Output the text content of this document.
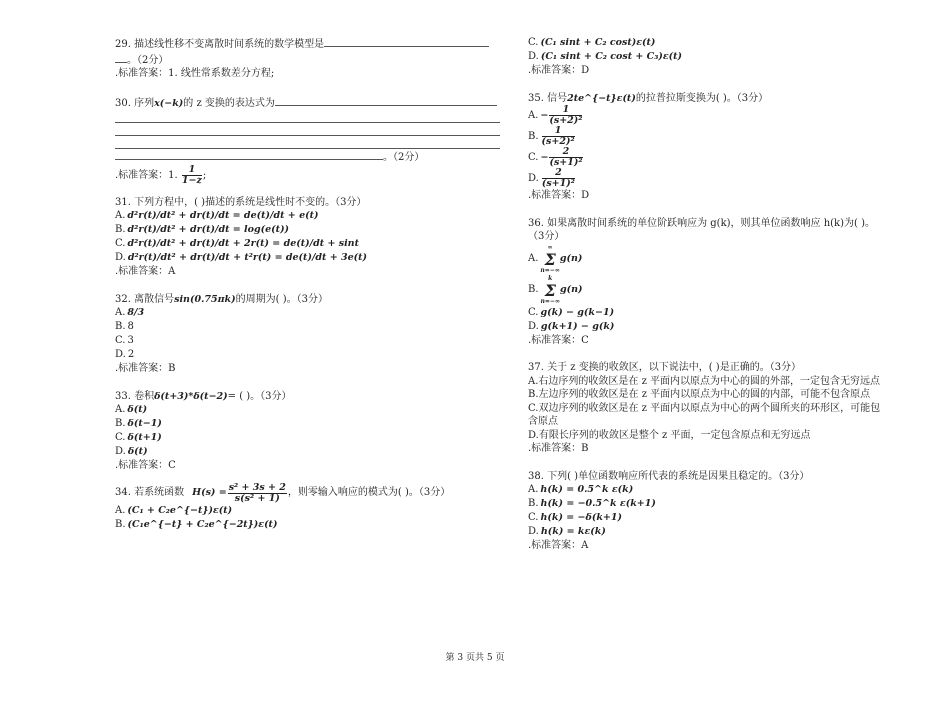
29. 描述线性移不变离散时间系统的数学模型是
。（2分）
.标准答案：1. 线性常系数差分方程;
30. 序列x(−k)的 z 变换的表达式为
。（2分）
.标准答案：1. $\frac{1}{1-z}$ ;
31. 下列方程中，( )描述的系统是线性时不变的。（3分）
A. d²r(t)/dt² + dr(t)/dt = de(t)/dt + e(t)
B. d²r(t)/dt² + dr(t)/dt = log(e(t))
C. d²r(t)/dt² + dr(t)/dt + 2r(t) = de(t)/dt + sint
D. d²r(t)/dt² + dr(t)/dt + t²r(t) = de(t)/dt + 3e(t)
.标准答案：A
32. 离散信号sin(0.75πk)的周期为( )。（3分）
A. 8/3
B. 8
C. 3
D. 2
.标准答案：B
33. 卷积δ(t+3)*δ(t−2)= ( )。（3分）
A. δ(t)
B. δ(t−1)
C. δ(t+1)
D. δ(t)
.标准答案：C
34. 若系统函数 $H(s) = \frac{\text{s² + 3s + 2}}{\text{s(s² + 1)}}$ ，则零输入响应的模式为( )。（3分）
A. (C₁ + C₂e^{−t})ε(t)
B. (C₁e^{−t} + C₂e^{−2t})ε(t)
C. (C₁ sint + C₂ cost)ε(t)
D. (C₁ sint + C₂ cost + C₃)ε(t)
.标准答案：D
35. 信号2te^{−t}ε(t)的拉普拉斯变换为( )。（3分）
A. − $\frac{1}{\text{(s+2)²}}$
B. $\frac{1}{\text{(s+2)²}}$
C. − $\frac{2}{\text{(s+1)²}}$
D. $\frac{2}{\text{(s+1)²}}$
.标准答案：D
36. 如果离散时间系统的单位阶跃响应为 g(k)，则其单位函数响应 h(k)为( )。（3分）
A.
∞
Σ
n=−∞
g(n)
B.
k
Σ
n=−∞
g(n)
C. g(k) − g(k−1)
D. g(k+1) − g(k)
.标准答案：C
37. 关于 z 变换的收敛区，以下说法中，( )是正确的。（3分）
A.右边序列的收敛区是在 z 平面内以原点为中心的圆的外部，一定包含无穷远点
B.左边序列的收敛区是在 z 平面内以原点为中心的圆的内部，可能不包含原点
C.双边序列的收敛区是在 z 平面内以原点为中心的两个圆所夹的环形区，可能包含原点
D.有限长序列的收敛区是整个 z 平面，一定包含原点和无穷远点
.标准答案：B
38. 下列( )单位函数响应所代表的系统是因果且稳定的。（3分）
A. h(k) = 0.5^k ε(k)
B. h(k) = −0.5^k ε(k+1)
C. h(k) = −δ(k+1)
D. h(k) = kε(k)
.标准答案：A
第 3 页共 5 页
